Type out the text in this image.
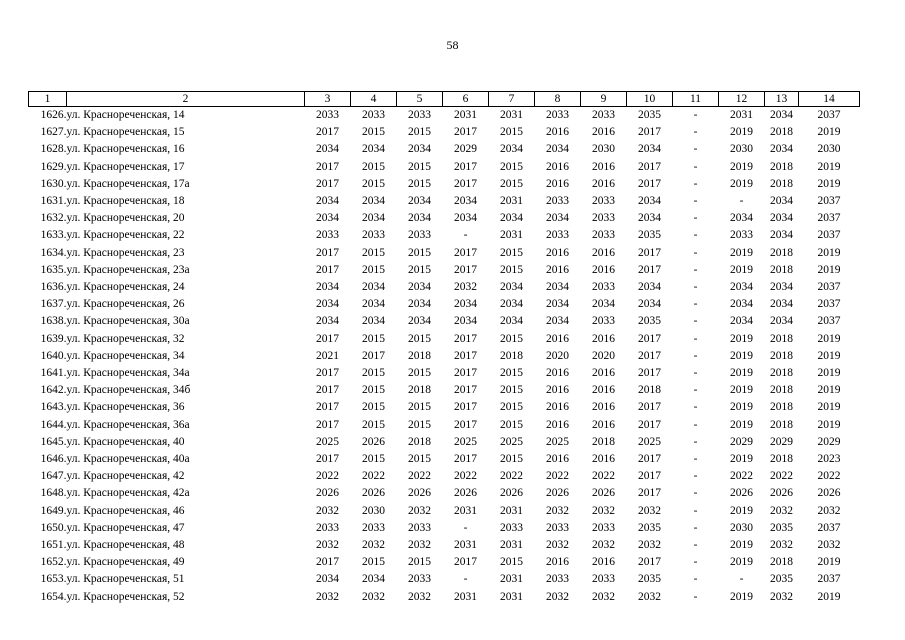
58
1	2	3	4	5	6	7	8	9	10	11	12	13	14
1626.	ул. Краснореченская, 14	2033	2033	2033	2031	2031	2033	2033	2035	-	2031	2034	2037
1627.	ул. Краснореченская, 15	2017	2015	2015	2017	2015	2016	2016	2017	-	2019	2018	2019
1628.	ул. Краснореченская, 16	2034	2034	2034	2029	2034	2034	2030	2034	-	2030	2034	2030
1629.	ул. Краснореченская, 17	2017	2015	2015	2017	2015	2016	2016	2017	-	2019	2018	2019
1630.	ул. Краснореченская, 17а	2017	2015	2015	2017	2015	2016	2016	2017	-	2019	2018	2019
1631.	ул. Краснореченская, 18	2034	2034	2034	2034	2031	2033	2033	2034	-	-	2034	2037
1632.	ул. Краснореченская, 20	2034	2034	2034	2034	2034	2034	2033	2034	-	2034	2034	2037
1633.	ул. Краснореченская, 22	2033	2033	2033	-	2031	2033	2033	2035	-	2033	2034	2037
1634.	ул. Краснореченская, 23	2017	2015	2015	2017	2015	2016	2016	2017	-	2019	2018	2019
1635.	ул. Краснореченская, 23а	2017	2015	2015	2017	2015	2016	2016	2017	-	2019	2018	2019
1636.	ул. Краснореченская, 24	2034	2034	2034	2032	2034	2034	2033	2034	-	2034	2034	2037
1637.	ул. Краснореченская, 26	2034	2034	2034	2034	2034	2034	2034	2034	-	2034	2034	2037
1638.	ул. Краснореченская, 30а	2034	2034	2034	2034	2034	2034	2033	2035	-	2034	2034	2037
1639.	ул. Краснореченская, 32	2017	2015	2015	2017	2015	2016	2016	2017	-	2019	2018	2019
1640.	ул. Краснореченская, 34	2021	2017	2018	2017	2018	2020	2020	2017	-	2019	2018	2019
1641.	ул. Краснореченская, 34а	2017	2015	2015	2017	2015	2016	2016	2017	-	2019	2018	2019
1642.	ул. Краснореченская, 34б	2017	2015	2018	2017	2015	2016	2016	2018	-	2019	2018	2019
1643.	ул. Краснореченская, 36	2017	2015	2015	2017	2015	2016	2016	2017	-	2019	2018	2019
1644.	ул. Краснореченская, 36а	2017	2015	2015	2017	2015	2016	2016	2017	-	2019	2018	2019
1645.	ул. Краснореченская, 40	2025	2026	2018	2025	2025	2025	2018	2025	-	2029	2029	2029
1646.	ул. Краснореченская, 40а	2017	2015	2015	2017	2015	2016	2016	2017	-	2019	2018	2023
1647.	ул. Краснореченская, 42	2022	2022	2022	2022	2022	2022	2022	2017	-	2022	2022	2022
1648.	ул. Краснореченская, 42а	2026	2026	2026	2026	2026	2026	2026	2017	-	2026	2026	2026
1649.	ул. Краснореченская, 46	2032	2030	2032	2031	2031	2032	2032	2032	-	2019	2032	2032
1650.	ул. Краснореченская, 47	2033	2033	2033	-	2033	2033	2033	2035	-	2030	2035	2037
1651.	ул. Краснореченская, 48	2032	2032	2032	2031	2031	2032	2032	2032	-	2019	2032	2032
1652.	ул. Краснореченская, 49	2017	2015	2015	2017	2015	2016	2016	2017	-	2019	2018	2019
1653.	ул. Краснореченская, 51	2034	2034	2033	-	2031	2033	2033	2035	-	-	2035	2037
1654.	ул. Краснореченская, 52	2032	2032	2032	2031	2031	2032	2032	2032	-	2019	2032	2019
